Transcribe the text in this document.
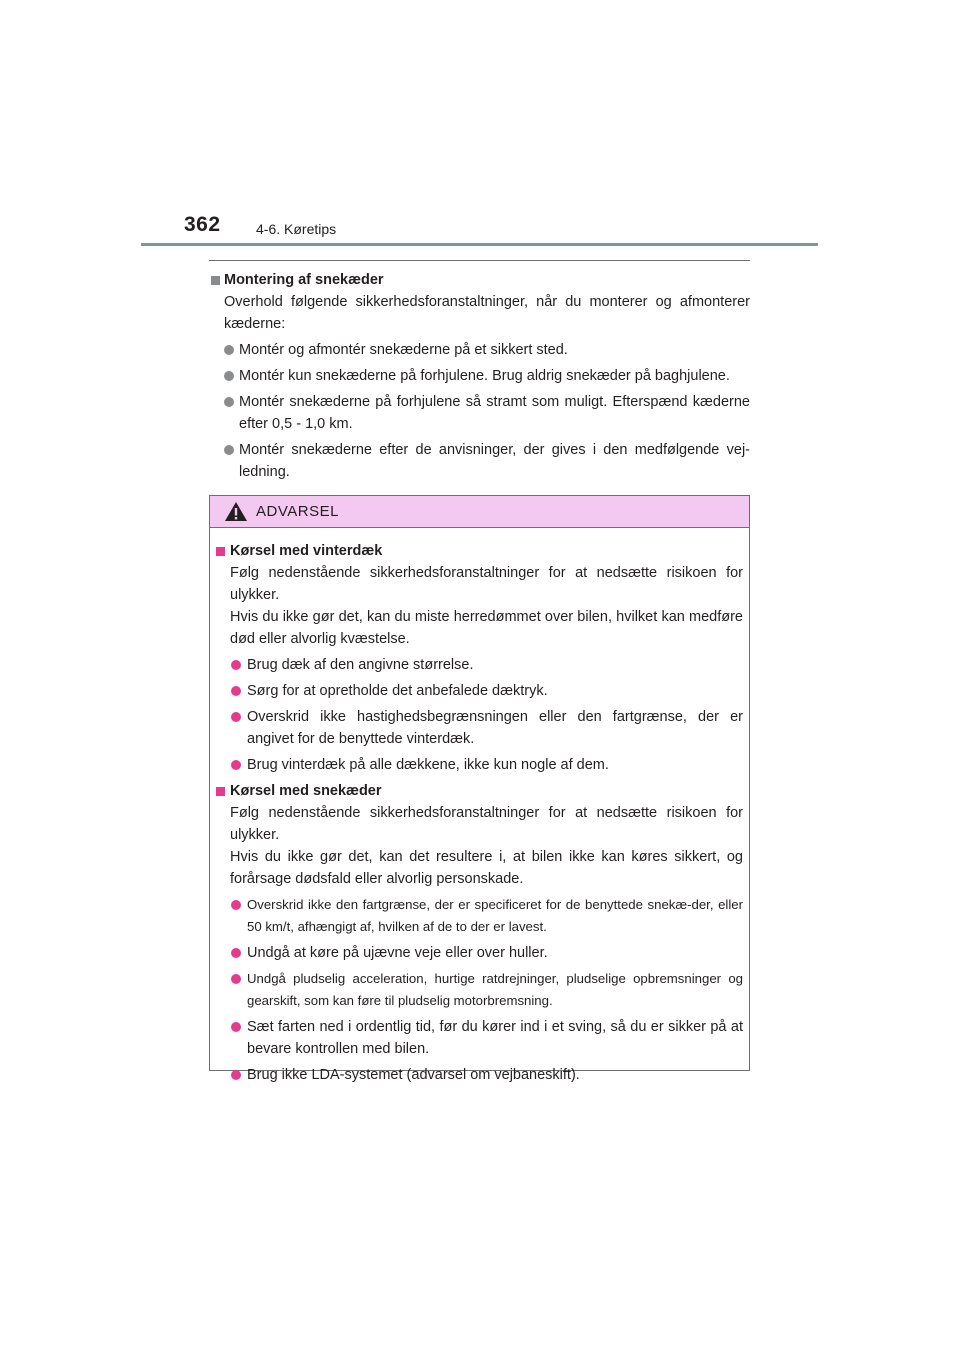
362	4-6. Køretips
Montering af snekæder
Overhold følgende sikkerhedsforanstaltninger, når du monterer og afmonterer kæderne:
Montér og afmontér snekæderne på et sikkert sted.
Montér kun snekæderne på forhjulene. Brug aldrig snekæder på baghjulene.
Montér snekæderne på forhjulene så stramt som muligt. Efterspænd kæderne efter 0,5 - 1,0 km.
Montér snekæderne efter de anvisninger, der gives i den medfølgende vej-ledning.
ADVARSEL
Kørsel med vinterdæk
Følg nedenstående sikkerhedsforanstaltninger for at nedsætte risikoen for ulykker.
Hvis du ikke gør det, kan du miste herredømmet over bilen, hvilket kan medføre død eller alvorlig kvæstelse.
Brug dæk af den angivne størrelse.
Sørg for at opretholde det anbefalede dæktryk.
Overskrid ikke hastighedsbegrænsningen eller den fartgrænse, der er angivet for de benyttede vinterdæk.
Brug vinterdæk på alle dækkene, ikke kun nogle af dem.
Kørsel med snekæder
Følg nedenstående sikkerhedsforanstaltninger for at nedsætte risikoen for ulykker.
Hvis du ikke gør det, kan det resultere i, at bilen ikke kan køres sikkert, og forårsage dødsfald eller alvorlig personskade.
Overskrid ikke den fartgrænse, der er specificeret for de benyttede snekæ-der, eller 50 km/t, afhængigt af, hvilken af de to der er lavest.
Undgå at køre på ujævne veje eller over huller.
Undgå pludselig acceleration, hurtige ratdrejninger, pludselige opbremsninger og gearskift, som kan føre til pludselig motorbremsning.
Sæt farten ned i ordentlig tid, før du kører ind i et sving, så du er sikker på at bevare kontrollen med bilen.
Brug ikke LDA-systemet (advarsel om vejbaneskift).
